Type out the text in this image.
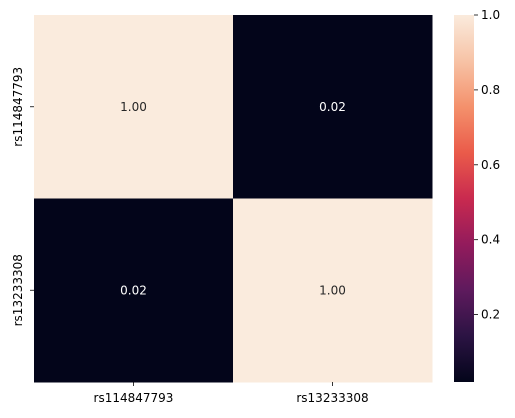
1.00	0.02
0.02	1.00
rs114847793	rs13233308
rs114847793
rs13233308	0.2
0.4
0.6
0.8
1.0
